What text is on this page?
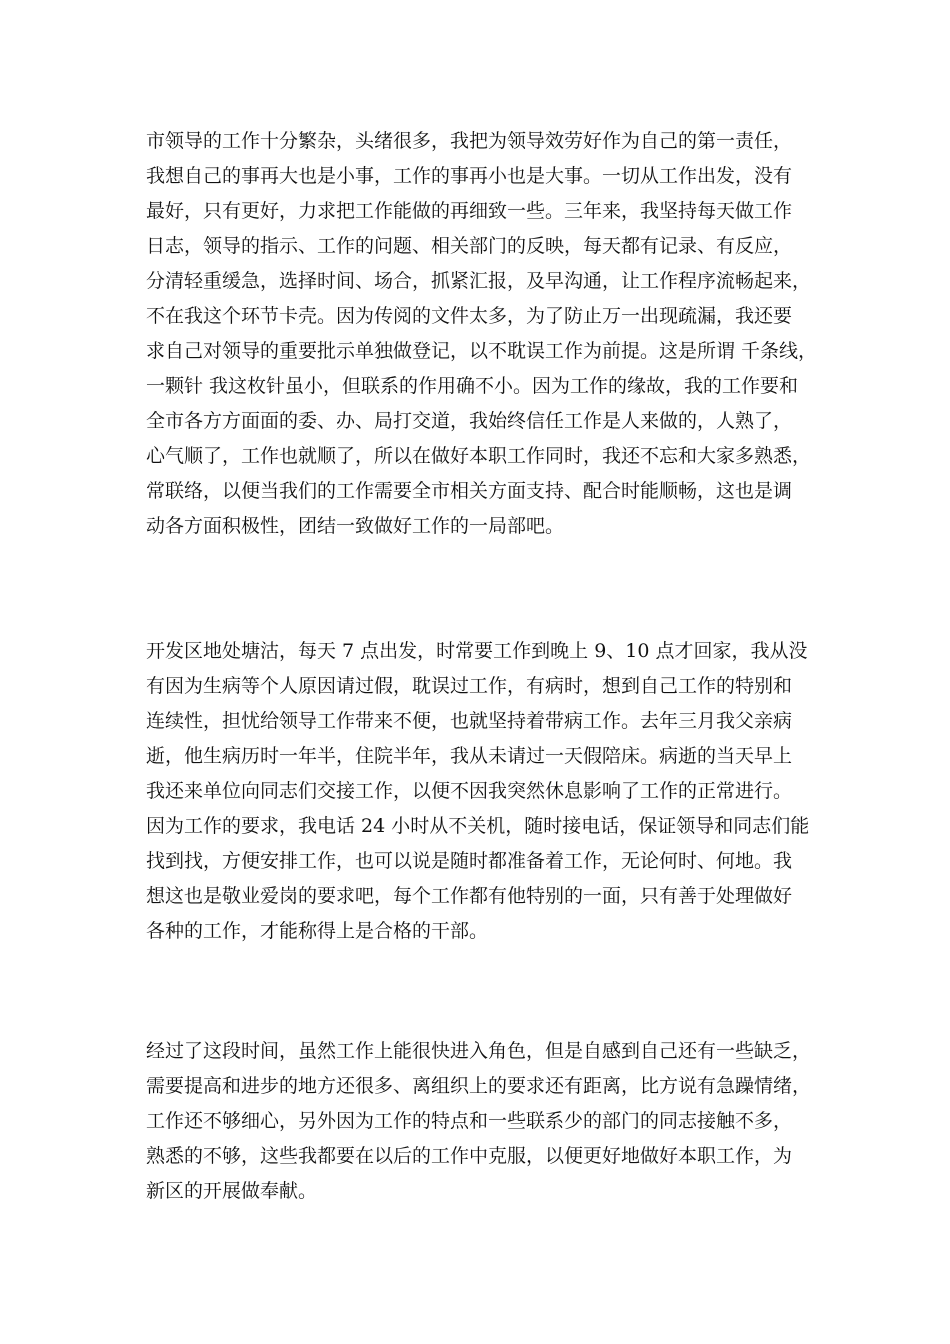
市领导的工作十分繁杂，头绪很多，我把为领导效劳好作为自己的第一责任，
我想自己的事再大也是小事，工作的事再小也是大事。一切从工作出发，没有
最好，只有更好，力求把工作能做的再细致一些。三年来，我坚持每天做工作
日志，领导的指示、工作的问题、相关部门的反映，每天都有记录、有反应，
分清轻重缓急，选择时间、场合，抓紧汇报，及早沟通，让工作程序流畅起来，
不在我这个环节卡壳。因为传阅的文件太多，为了防止万一出现疏漏，我还要
求自己对领导的重要批示单独做登记，以不耽误工作为前提。这是所谓 千条线，
一颗针 我这枚针虽小，但联系的作用确不小。因为工作的缘故，我的工作要和
全市各方方面面的委、办、局打交道，我始终信任工作是人来做的，人熟了，
心气顺了，工作也就顺了，所以在做好本职工作同时，我还不忘和大家多熟悉，
常联络，以便当我们的工作需要全市相关方面支持、配合时能顺畅，这也是调
动各方面积极性，团结一致做好工作的一局部吧。

开发区地处塘沽，每天 7 点出发，时常要工作到晚上 9、10 点才回家，我从没
有因为生病等个人原因请过假，耽误过工作，有病时，想到自己工作的特别和
连续性，担忧给领导工作带来不便，也就坚持着带病工作。去年三月我父亲病
逝，他生病历时一年半，住院半年，我从未请过一天假陪床。病逝的当天早上
我还来单位向同志们交接工作，以便不因我突然休息影响了工作的正常进行。
因为工作的要求，我电话 24 小时从不关机，随时接电话，保证领导和同志们能
找到找，方便安排工作，也可以说是随时都准备着工作，无论何时、何地。我
想这也是敬业爱岗的要求吧，每个工作都有他特别的一面，只有善于处理做好
各种的工作，才能称得上是合格的干部。

经过了这段时间，虽然工作上能很快进入角色，但是自感到自己还有一些缺乏，
需要提高和进步的地方还很多、离组织上的要求还有距离，比方说有急躁情绪，
工作还不够细心，另外因为工作的特点和一些联系少的部门的同志接触不多，
熟悉的不够，这些我都要在以后的工作中克服，以便更好地做好本职工作，为
新区的开展做奉献。
